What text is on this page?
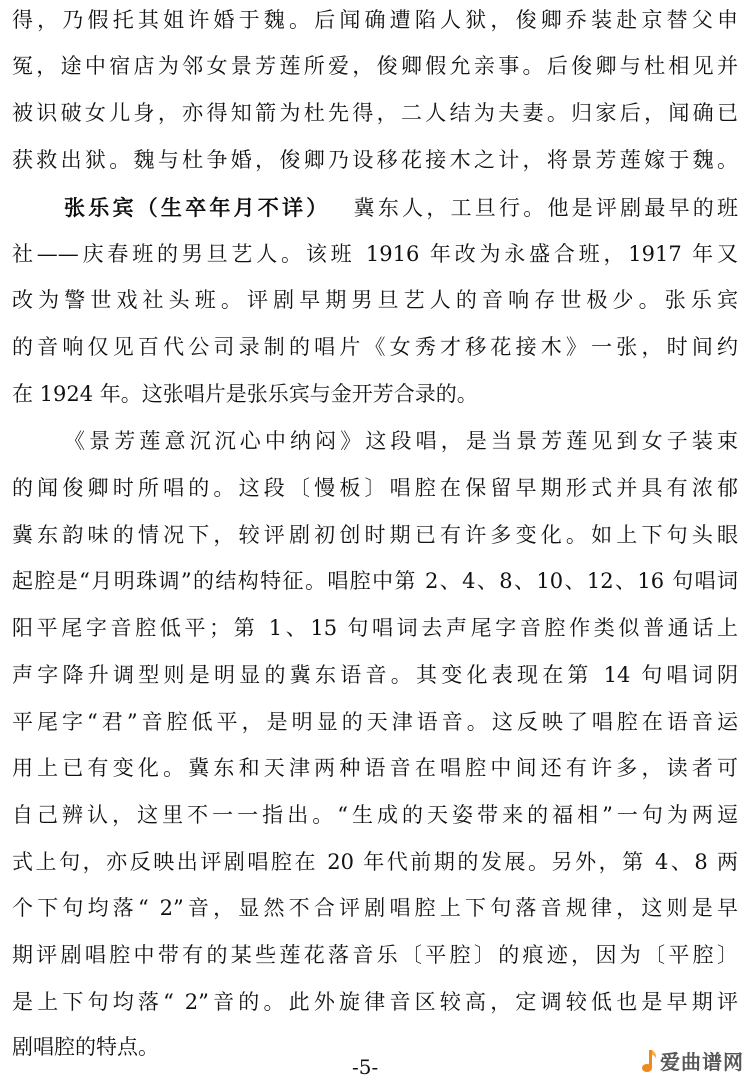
得，乃假托其姐许婚于魏。后闻确遭陷人狱，俊卿乔装赴京替父申
冤，途中宿店为邻女景芳莲所爱，俊卿假允亲事。后俊卿与杜相见并
被识破女儿身，亦得知箭为杜先得，二人结为夫妻。归家后，闻确已
获救出狱。魏与杜争婚，俊卿乃设移花接木之计，将景芳莲嫁于魏。
张乐宾（生卒年月不详） 冀东人，工旦行。他是评剧最早的班
社——庆春班的男旦艺人。该班 1916 年改为永盛合班，1917 年又
改为警世戏社头班。评剧早期男旦艺人的音响存世极少。张乐宾
的音响仅见百代公司录制的唱片《女秀才移花接木》一张，时间约
在 1924 年。这张唱片是张乐宾与金开芳合录的。
《景芳莲意沉沉心中纳闷》这段唱，是当景芳莲见到女子装束
的闻俊卿时所唱的。这段〔慢板〕唱腔在保留早期形式并具有浓郁
冀东韵味的情况下，较评剧初创时期已有许多变化。如上下句头眼
起腔是“月明珠调”的结构特征。唱腔中第 2、4、8、10、12、16 句唱词
阳平尾字音腔低平；第 1、15 句唱词去声尾字音腔作类似普通话上
声字降升调型则是明显的冀东语音。其变化表现在第 14 句唱词阴
平尾字“君”音腔低平，是明显的天津语音。这反映了唱腔在语音运
用上已有变化。冀东和天津两种语音在唱腔中间还有许多，读者可
自己辨认，这里不一一指出。“生成的天姿带来的福相”一句为两逗
式上句，亦反映出评剧唱腔在 20 年代前期的发展。另外，第 4、8 两
个下句均落“ 2”音，显然不合评剧唱腔上下句落音规律，这则是早
期评剧唱腔中带有的某些莲花落音乐〔平腔〕的痕迹，因为〔平腔〕
是上下句均落“ 2”音的。此外旋律音区较高，定调较低也是早期评
剧唱腔的特点。
-5-	爱曲谱网
